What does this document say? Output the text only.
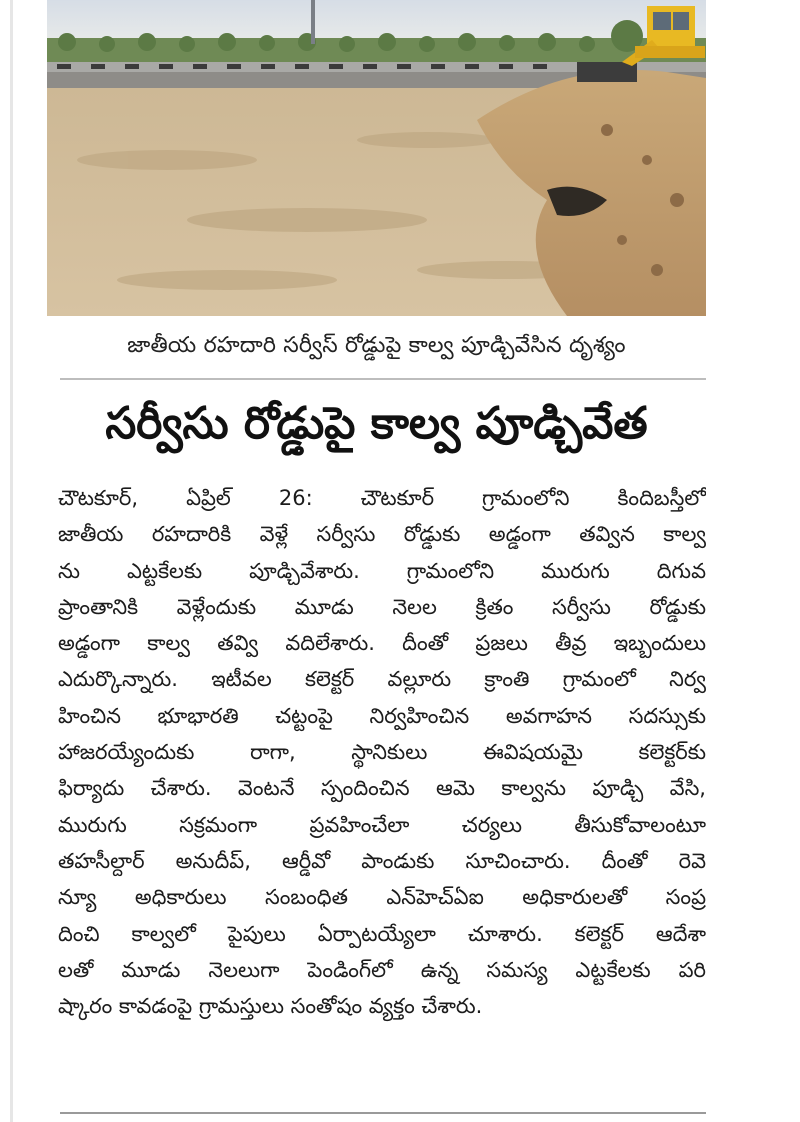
జాతీయ రహదారి సర్వీస్ రోడ్డుపై కాల్వ పూడ్చివేసిన దృశ్యం
సర్వీసు రోడ్డుపై కాల్వ పూడ్చివేత
చౌటకూర్, ఏప్రిల్ 26: చౌటకూర్ గ్రామంలోని కిందిబస్తీలో
జాతీయ రహదారికి వెళ్లే సర్వీసు రోడ్డుకు అడ్డంగా తవ్విన కాల్వ
ను ఎట్టకేలకు పూడ్చివేశారు. గ్రామంలోని మురుగు దిగువ
ప్రాంతానికి వెళ్లేందుకు మూడు నెలల క్రితం సర్వీసు రోడ్డుకు
అడ్డంగా కాల్వ తవ్వి వదిలేశారు. దీంతో ప్రజలు తీవ్ర ఇబ్బందులు
ఎదుర్కొన్నారు. ఇటీవల కలెక్టర్ వల్లూరు క్రాంతి గ్రామంలో నిర్వ
హించిన భూభారతి చట్టంపై నిర్వహించిన అవగాహన సదస్సుకు
హాజరయ్యేందుకు రాగా, స్థానికులు ఈవిషయమై కలెక్టర్‌కు
ఫిర్యాదు చేశారు. వెంటనే స్పందించిన ఆమె కాల్వను పూడ్చి వేసి,
మురుగు సక్రమంగా ప్రవహించేలా చర్యలు తీసుకోవాలంటూ
తహసీల్దార్ అనుదీప్, ఆర్డీవో పాండుకు సూచించారు. దీంతో రెవె
న్యూ అధికారులు సంబంధిత ఎన్‌హెచ్‌ఏఐ అధికారులతో సంప్ర
దించి కాల్వలో పైపులు ఏర్పాటయ్యేలా చూశారు. కలెక్టర్ ఆదేశా
లతో మూడు నెలలుగా పెండింగ్‌లో ఉన్న సమస్య ఎట్టకేలకు పరి
ష్కారం కావడంపై గ్రామస్తులు సంతోషం వ్యక్తం చేశారు.
